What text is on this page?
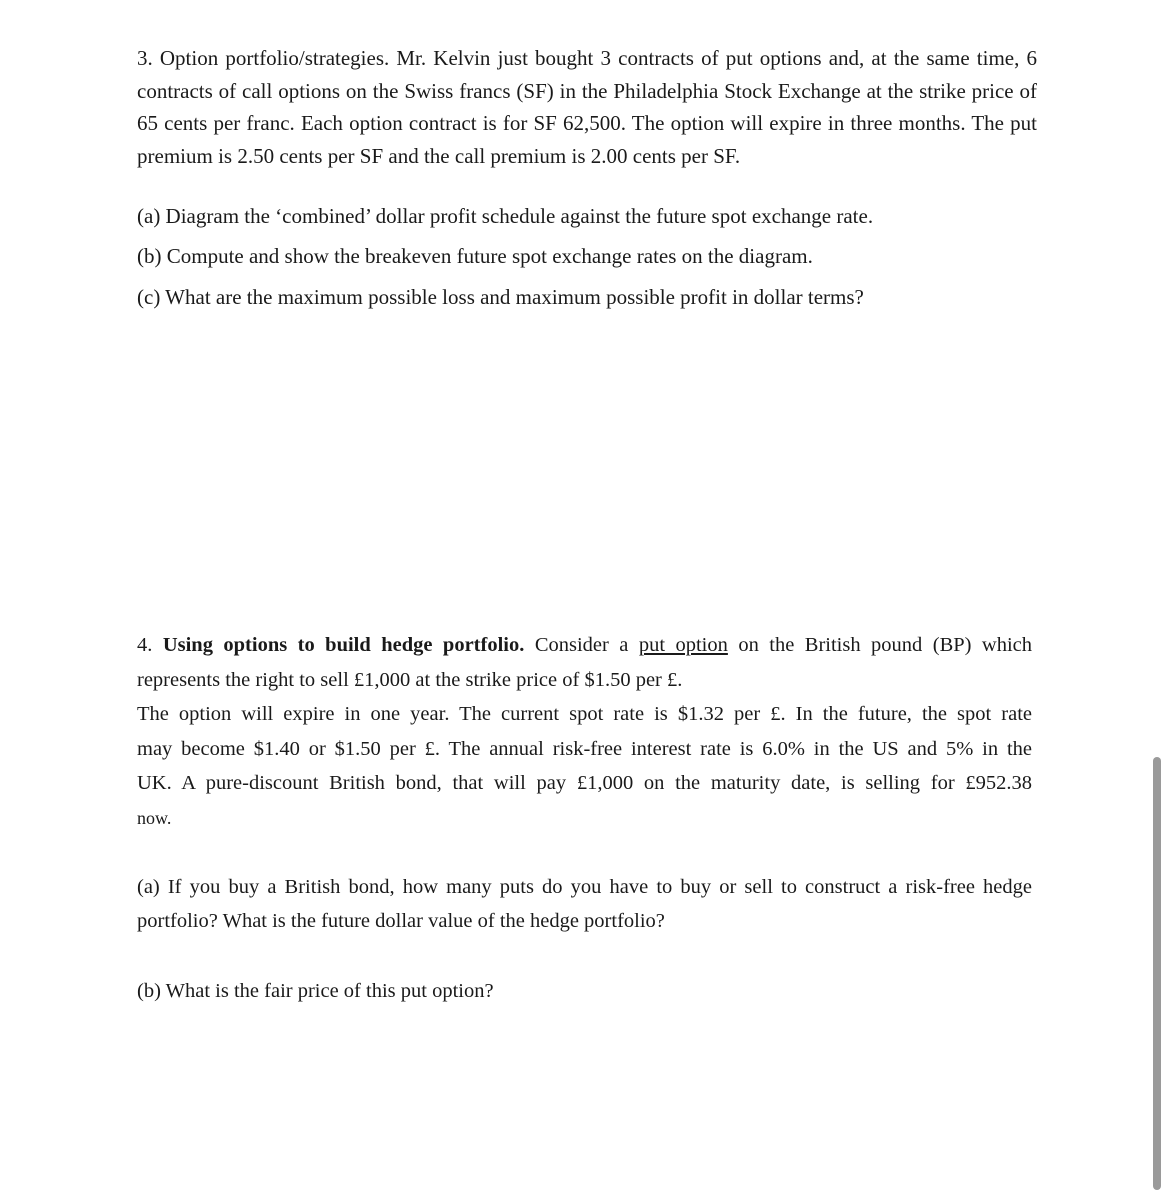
3. Option portfolio/strategies. Mr. Kelvin just bought 3 contracts of put options and, at the same time, 6 contracts of call options on the Swiss francs (SF) in the Philadelphia Stock Exchange at the strike price of 65 cents per franc. Each option contract is for SF 62,500. The option will expire in three months. The put premium is 2.50 cents per SF and the call premium is 2.00 cents per SF.

(a) Diagram the ‘combined’ dollar profit schedule against the future spot exchange rate.

(b) Compute and show the breakeven future spot exchange rates on the diagram.

(c) What are the maximum possible loss and maximum possible profit in dollar terms?

4. Using options to build hedge portfolio. Consider a put option on the British pound (BP) which
represents the right to sell £1,000 at the strike price of $1.50 per £.
The option will expire in one year. The current spot rate is $1.32 per £. In the future, the spot rate
may become $1.40 or $1.50 per £. The annual risk-free interest rate is 6.0% in the US and 5% in the
UK. A pure-discount British bond, that will pay £1,000 on the maturity date, is selling for £952.38
now.
(a) If you buy a British bond, how many puts do you have to buy or sell to construct a risk-free hedge
portfolio? What is the future dollar value of the hedge portfolio?

(b) What is the fair price of this put option?
